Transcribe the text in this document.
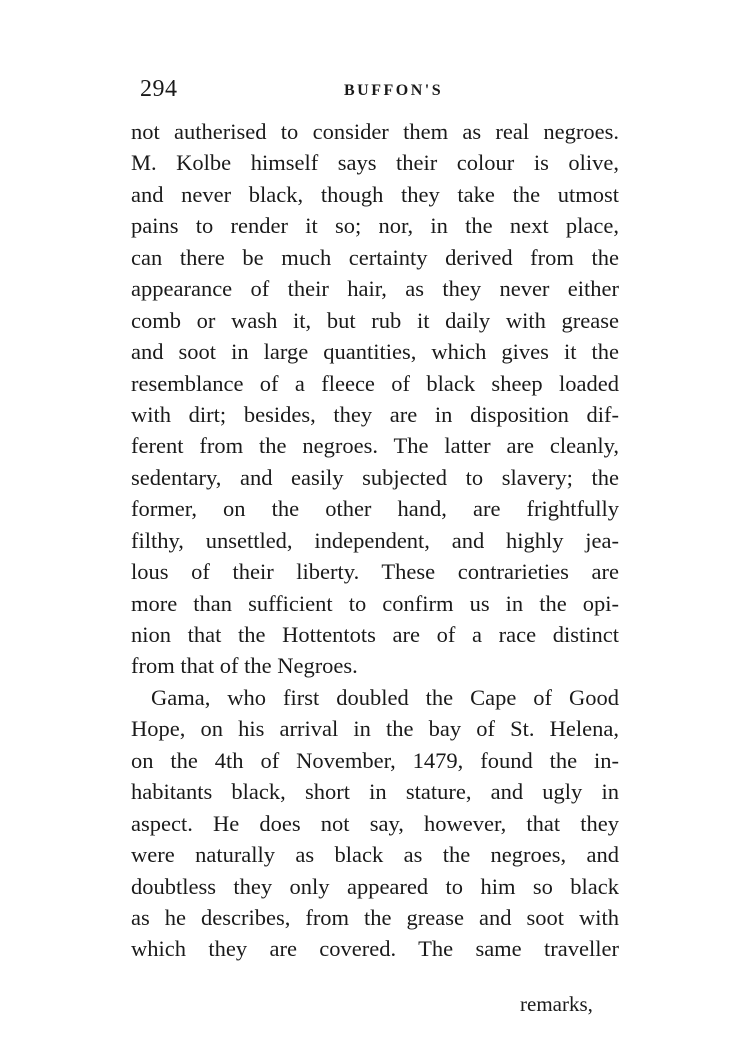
294	BUFFON'S
not autherised to consider them as real negroes.
M. Kolbe himself says their colour is olive,
and never black, though they take the utmost
pains to render it so; nor, in the next place,
can there be much certainty derived from the
appearance of their hair, as they never either
comb or wash it, but rub it daily with grease
and soot in large quantities, which gives it the
resemblance of a fleece of black sheep loaded
with dirt; besides, they are in disposition dif-
ferent from the negroes. The latter are cleanly,
sedentary, and easily subjected to slavery; the
former, on the other hand, are frightfully
filthy, unsettled, independent, and highly jea-
lous of their liberty. These contrarieties are
more than sufficient to confirm us in the opi-
nion that the Hottentots are of a race distinct
from that of the Negroes.
Gama, who first doubled the Cape of Good
Hope, on his arrival in the bay of St. Helena,
on the 4th of November, 1479, found the in-
habitants black, short in stature, and ugly in
aspect. He does not say, however, that they
were naturally as black as the negroes, and
doubtless they only appeared to him so black
as he describes, from the grease and soot with
which they are covered. The same traveller
remarks,
